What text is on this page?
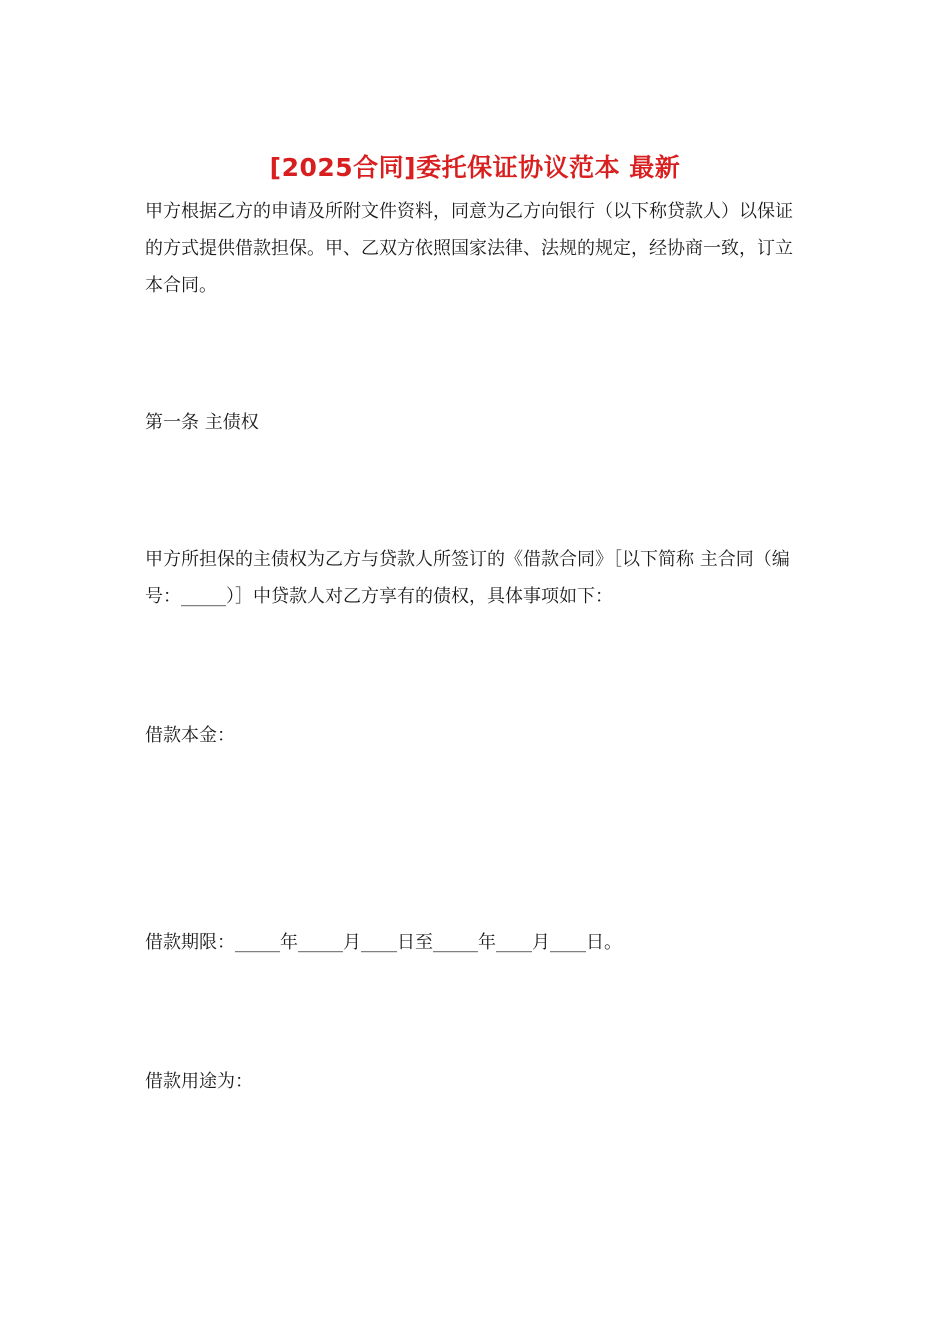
[2025合同]委托保证协议范本 最新

甲方根据乙方的申请及所附文件资料，同意为乙方向银行（以下称贷款人）以保证的方式提供借款担保。甲、乙双方依照国家法律、法规的规定，经协商一致，订立本合同。

第一条 主债权

甲方所担保的主债权为乙方与贷款人所签订的《借款合同》［以下简称 主合同（编号：_____）］中贷款人对乙方享有的债权，具体事项如下：

借款本金：

借款期限：_____年_____月____日至_____年____月____日。

借款用途为：
